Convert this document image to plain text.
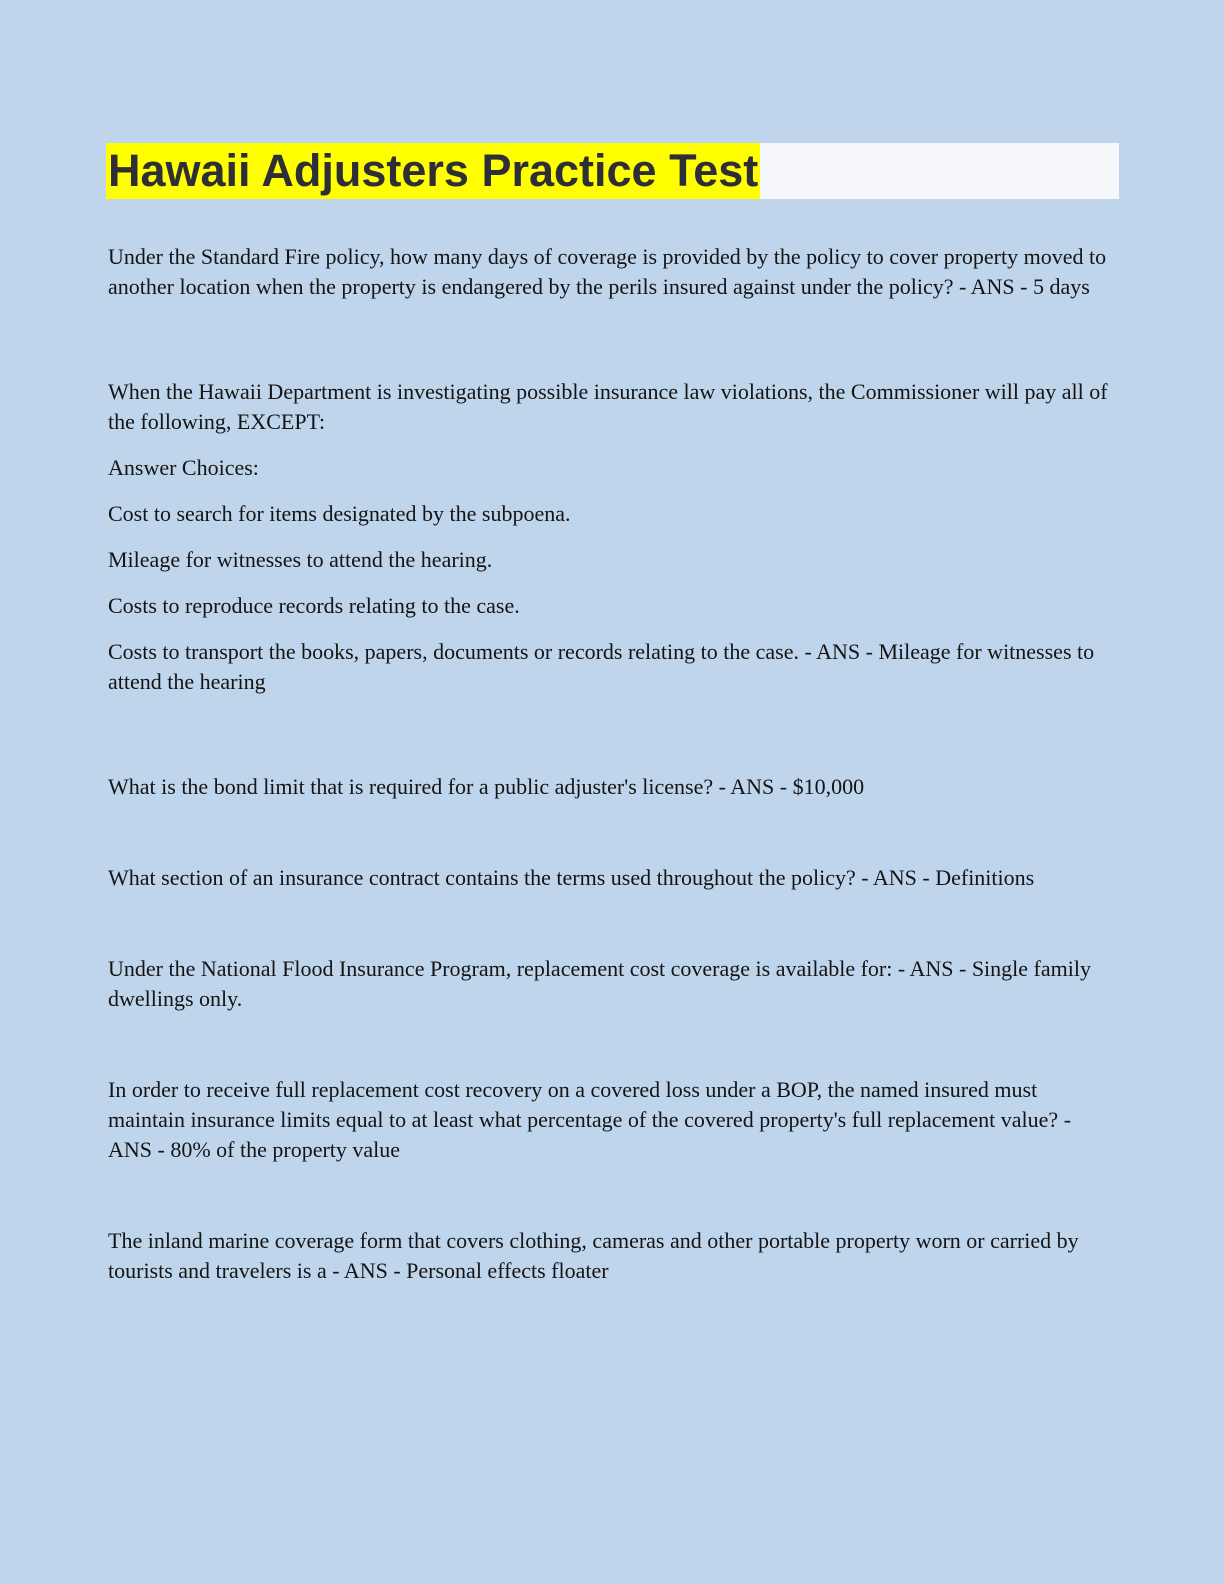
Hawaii Adjusters Practice Test

Under the Standard Fire policy, how many days of coverage is provided by the policy to cover property moved to another location when the property is endangered by the perils insured against under the policy? - ANS - 5 days

When the Hawaii Department is investigating possible insurance law violations, the Commissioner will pay all of the following, EXCEPT:

Answer Choices:

Cost to search for items designated by the subpoena.

Mileage for witnesses to attend the hearing.

Costs to reproduce records relating to the case.

Costs to transport the books, papers, documents or records relating to the case. - ANS - Mileage for witnesses to attend the hearing

What is the bond limit that is required for a public adjuster's license? - ANS - $10,000

What section of an insurance contract contains the terms used throughout the policy? - ANS - Definitions

Under the National Flood Insurance Program, replacement cost coverage is available for: - ANS - Single family dwellings only.

In order to receive full replacement cost recovery on a covered loss under a BOP, the named insured must maintain insurance limits equal to at least what percentage of the covered property's full replacement value? - ANS - 80% of the property value

The inland marine coverage form that covers clothing, cameras and other portable property worn or carried by tourists and travelers is a - ANS - Personal effects floater
